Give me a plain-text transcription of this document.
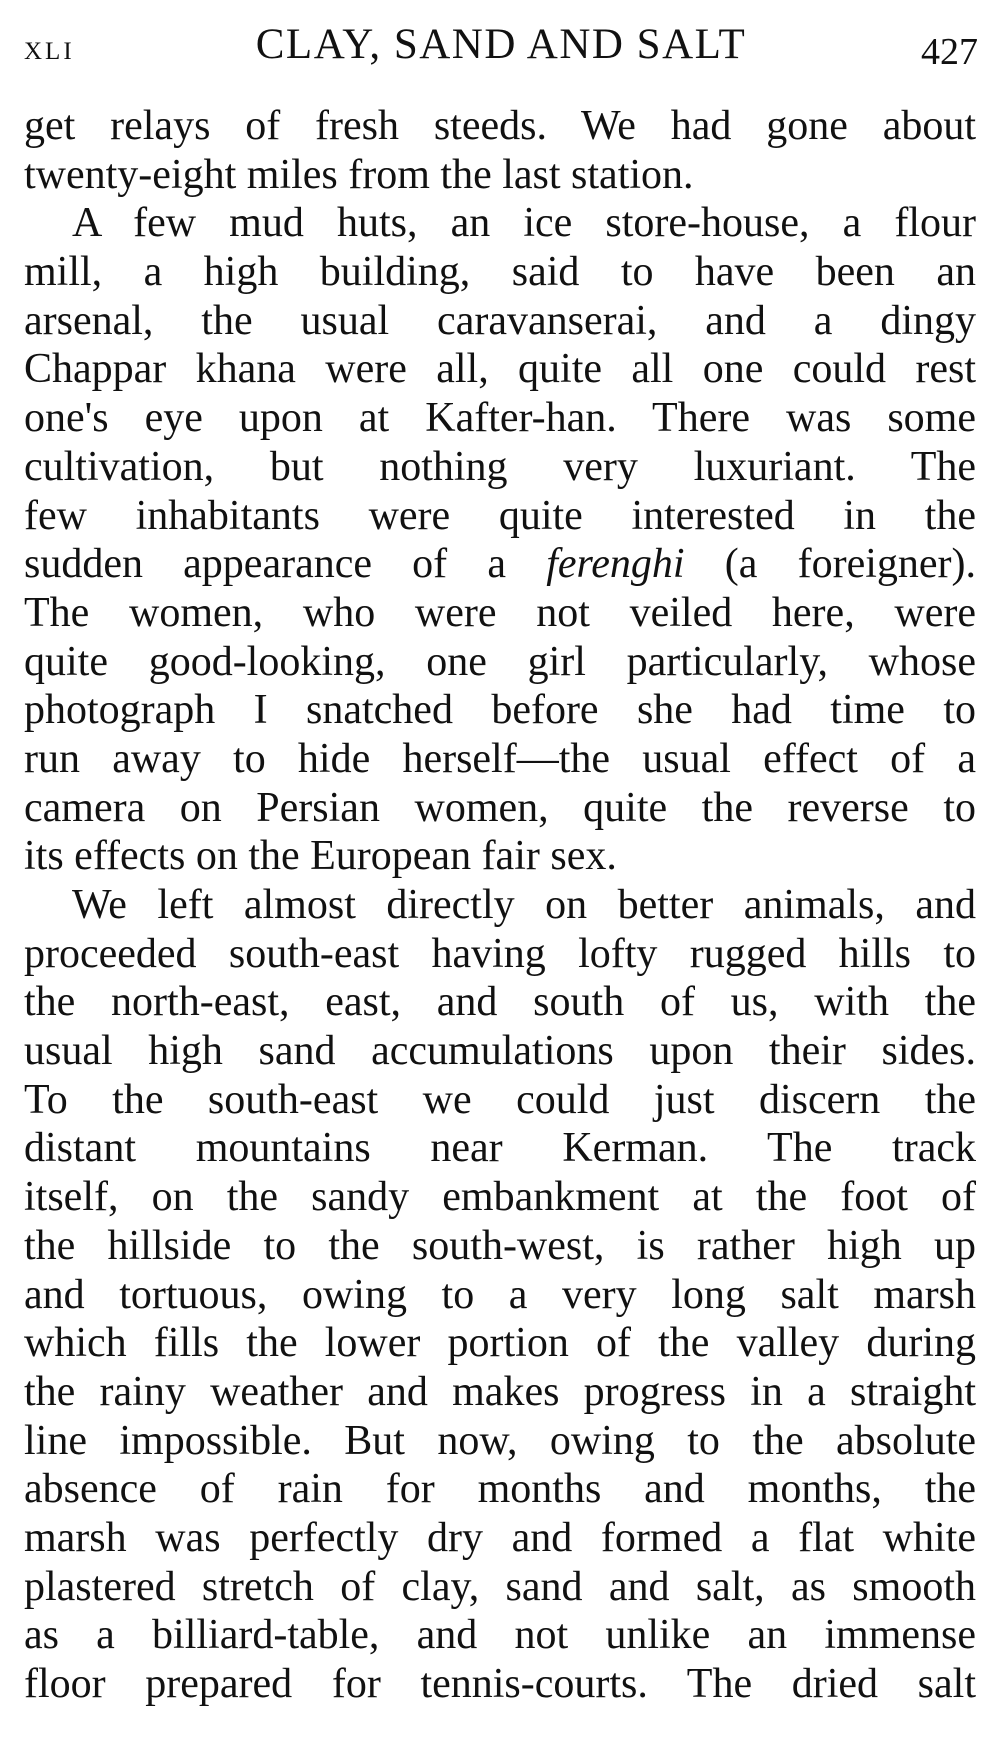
XLI	CLAY, SAND AND SALT	427
get relays of fresh steeds. We had gone about
twenty-eight miles from the last station.
A few mud huts, an ice store-house, a flour
mill, a high building, said to have been an
arsenal, the usual caravanserai, and a dingy
Chappar khana were all, quite all one could rest
one's eye upon at Kafter-han. There was some
cultivation, but nothing very luxuriant. The
few inhabitants were quite interested in the
sudden appearance of a ferenghi (a foreigner).
The women, who were not veiled here, were
quite good-looking, one girl particularly, whose
photograph I snatched before she had time to
run away to hide herself—the usual effect of a
camera on Persian women, quite the reverse to
its effects on the European fair sex.
We left almost directly on better animals, and
proceeded south-east having lofty rugged hills to
the north-east, east, and south of us, with the
usual high sand accumulations upon their sides.
To the south-east we could just discern the
distant mountains near Kerman. The track
itself, on the sandy embankment at the foot of
the hillside to the south-west, is rather high up
and tortuous, owing to a very long salt marsh
which fills the lower portion of the valley during
the rainy weather and makes progress in a straight
line impossible. But now, owing to the absolute
absence of rain for months and months, the
marsh was perfectly dry and formed a flat white
plastered stretch of clay, sand and salt, as smooth
as a billiard-table, and not unlike an immense
floor prepared for tennis-courts. The dried salt
